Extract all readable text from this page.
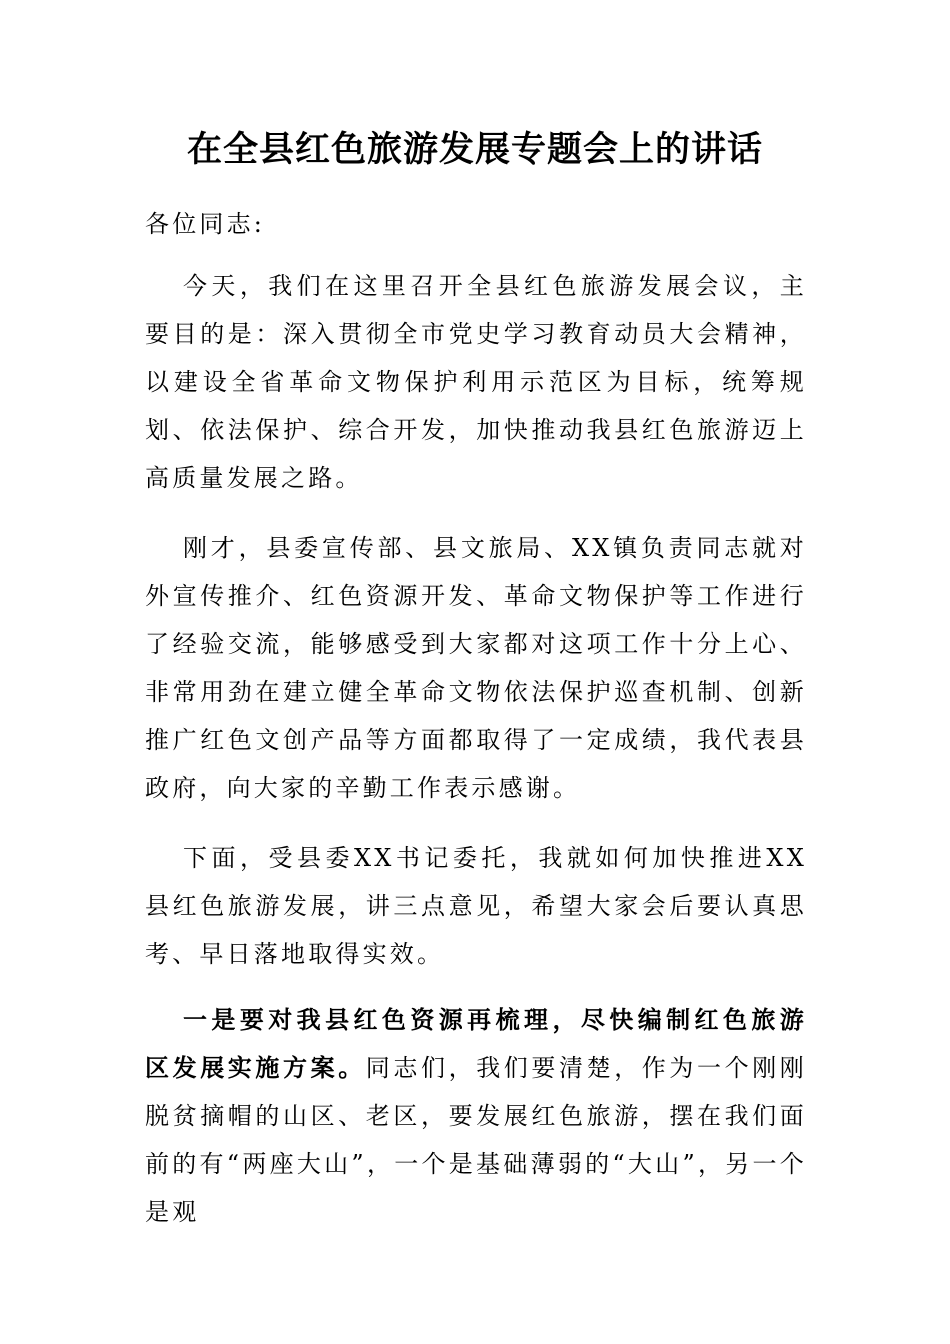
在全县红色旅游发展专题会上的讲话

各位同志:

今天，我们在这里召开全县红色旅游发展会议，主要目的是：深入贯彻全市党史学习教育动员大会精神，以建设全省革命文物保护利用示范区为目标，统筹规划、依法保护、综合开发，加快推动我县红色旅游迈上高质量发展之路。

刚才，县委宣传部、县文旅局、XX镇负责同志就对外宣传推介、红色资源开发、革命文物保护等工作进行了经验交流，能够感受到大家都对这项工作十分上心、非常用劲在建立健全革命文物依法保护巡查机制、创新推广红色文创产品等方面都取得了一定成绩，我代表县政府，向大家的辛勤工作表示感谢。

下面，受县委XX书记委托，我就如何加快推进XX县红色旅游发展，讲三点意见，希望大家会后要认真思考、早日落地取得实效。

一是要对我县红色资源再梳理，尽快编制红色旅游区发展实施方案。同志们，我们要清楚，作为一个刚刚脱贫摘帽的山区、老区，要发展红色旅游，摆在我们面前的有“两座大山”，一个是基础薄弱的“大山”，另一个是观
